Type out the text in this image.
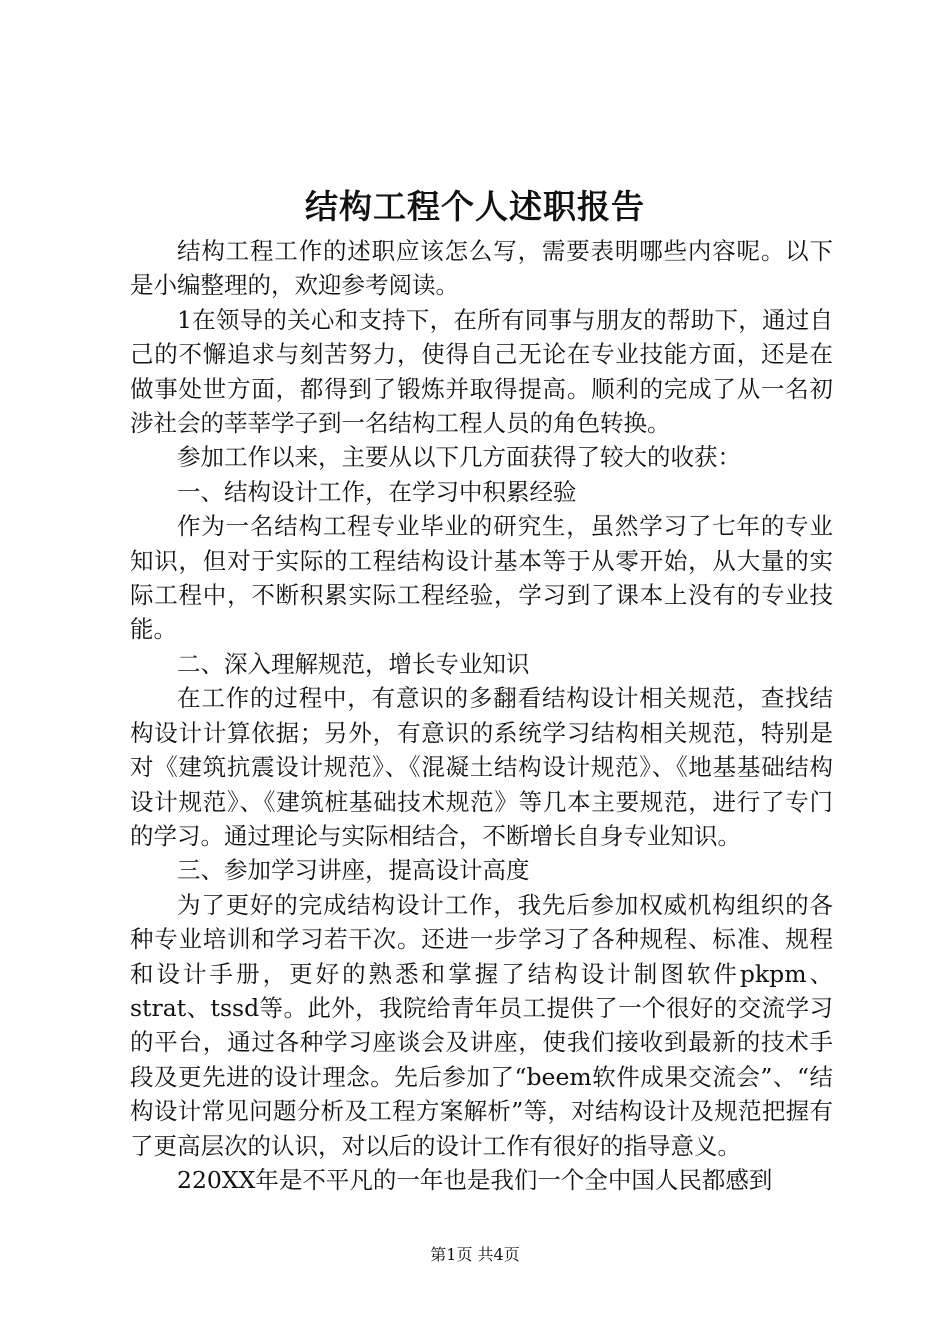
结构工程个人述职报告

结构工程工作的述职应该怎么写，需要表明哪些内容呢。以下是小编整理的，欢迎参考阅读。

1在领导的关心和支持下，在所有同事与朋友的帮助下，通过自己的不懈追求与刻苦努力，使得自己无论在专业技能方面，还是在做事处世方面，都得到了锻炼并取得提高。顺利的完成了从一名初涉社会的莘莘学子到一名结构工程人员的角色转换。

参加工作以来，主要从以下几方面获得了较大的收获：

一、结构设计工作，在学习中积累经验

作为一名结构工程专业毕业的研究生，虽然学习了七年的专业知识，但对于实际的工程结构设计基本等于从零开始，从大量的实际工程中，不断积累实际工程经验，学习到了课本上没有的专业技能。

二、深入理解规范，增长专业知识

在工作的过程中，有意识的多翻看结构设计相关规范，查找结构设计计算依据；另外，有意识的系统学习结构相关规范，特别是对《建筑抗震设计规范》、《混凝土结构设计规范》、《地基基础结构设计规范》、《建筑桩基础技术规范》等几本主要规范，进行了专门的学习。通过理论与实际相结合，不断增长自身专业知识。

三、参加学习讲座，提高设计高度

为了更好的完成结构设计工作，我先后参加权威机构组织的各种专业培训和学习若干次。还进一步学习了各种规程、标准、规程和设计手册，更好的熟悉和掌握了结构设计制图软件pkpm、strat、tssd等。此外，我院给青年员工提供了一个很好的交流学习的平台，通过各种学习座谈会及讲座，使我们接收到最新的技术手段及更先进的设计理念。先后参加了“beem软件成果交流会”、“结构设计常见问题分析及工程方案解析”等，对结构设计及规范把握有了更高层次的认识，对以后的设计工作有很好的指导意义。

220XX年是不平凡的一年也是我们一个全中国人民都感到

第1页 共4页
